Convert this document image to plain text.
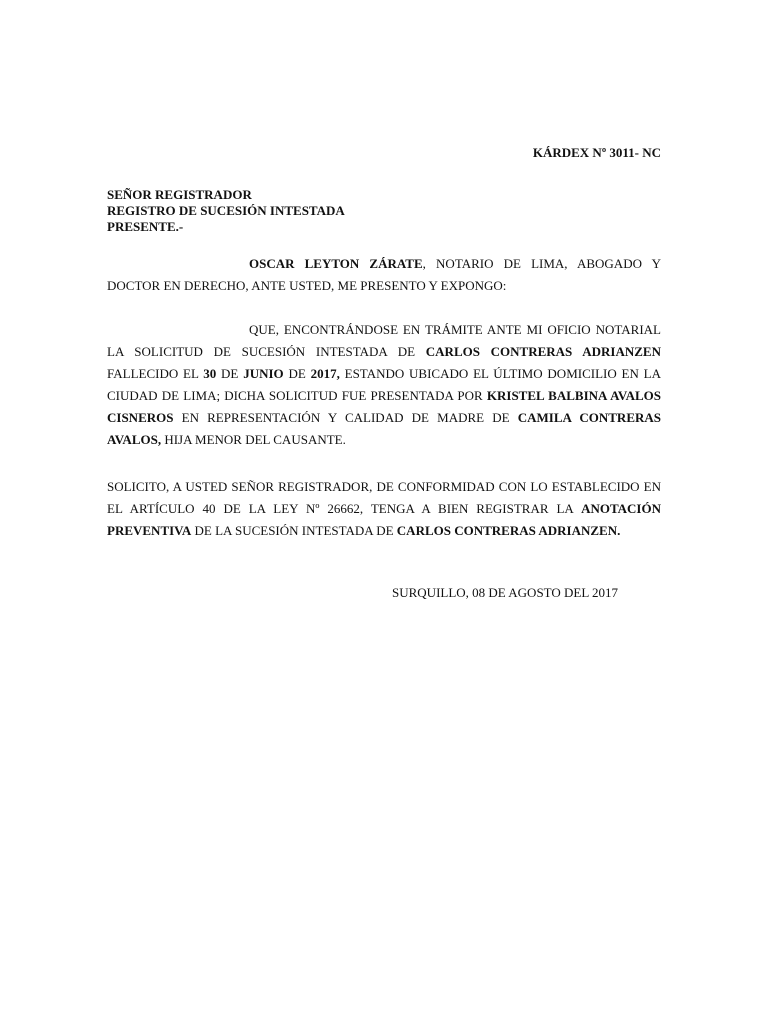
KÁRDEX Nº 3011- NC
SEÑOR REGISTRADOR
REGISTRO DE SUCESIÓN INTESTADA
PRESENTE.-
OSCAR LEYTON ZÁRATE, NOTARIO DE LIMA, ABOGADO Y DOCTOR EN DERECHO, ANTE USTED, ME PRESENTO Y EXPONGO:
QUE, ENCONTRÁNDOSE EN TRÁMITE ANTE MI OFICIO NOTARIAL LA SOLICITUD DE SUCESIÓN INTESTADA DE CARLOS CONTRERAS ADRIANZEN FALLECIDO EL 30 DE JUNIO DE 2017, ESTANDO UBICADO EL ÚLTIMO DOMICILIO EN LA CIUDAD DE LIMA; DICHA SOLICITUD FUE PRESENTADA POR KRISTEL BALBINA AVALOS CISNEROS EN REPRESENTACIÓN Y CALIDAD DE MADRE DE CAMILA CONTRERAS AVALOS, HIJA MENOR DEL CAUSANTE.
SOLICITO, A USTED SEÑOR REGISTRADOR, DE CONFORMIDAD CON LO ESTABLECIDO EN EL ARTÍCULO 40 DE LA LEY Nº 26662, TENGA A BIEN REGISTRAR LA ANOTACIÓN PREVENTIVA DE LA SUCESIÓN INTESTADA DE CARLOS CONTRERAS ADRIANZEN.
SURQUILLO, 08 DE AGOSTO DEL 2017
